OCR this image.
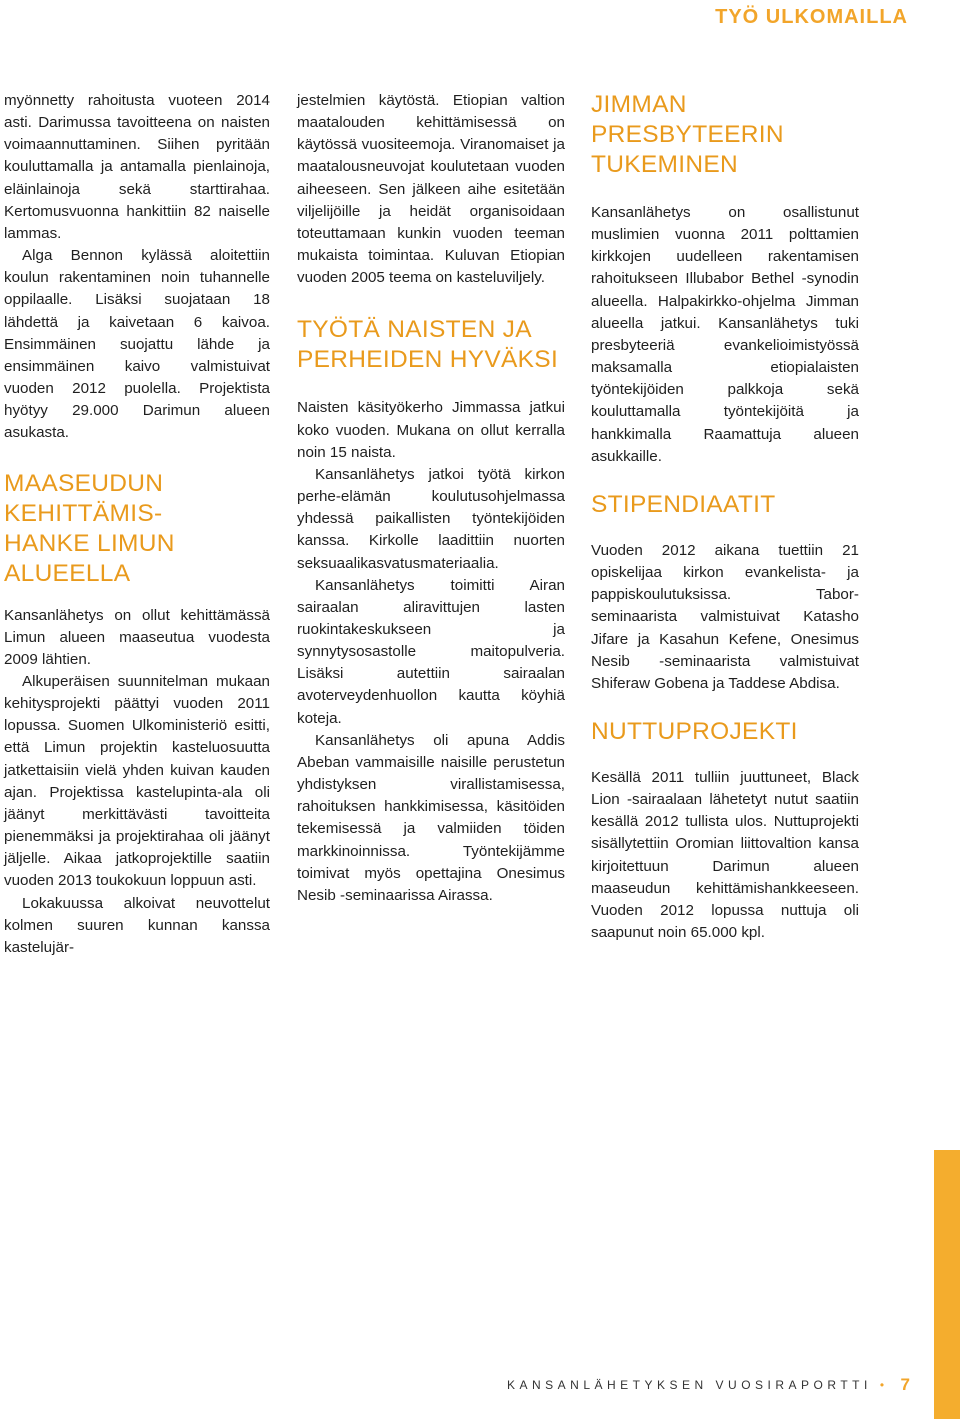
TYÖ ULKOMAILLA

myönnetty rahoitusta vuoteen 2014 asti. Darimussa tavoitteena on naisten voimaannuttaminen. Siihen pyritään kouluttamalla ja antamalla pienlainoja, eläinlainoja sekä starttirahaa. Kertomusvuonna hankittiin 82 naiselle lammas.

Alga Bennon kylässä aloitettiin koulun rakentaminen noin tuhannelle oppilaalle. Lisäksi suojataan 18 lähdettä ja kaivetaan 6 kaivoa. Ensimmäinen suojattu lähde ja ensimmäinen kaivo valmistuivat vuoden 2012 puolella. Projektista hyötyy 29.000 Darimun alueen asukasta.

MAASEUDUN KEHITTÄMIS-
HANKE LIMUN ALUEELLA

Kansanlähetys on ollut kehittämässä Limun alueen maaseutua vuodesta 2009 lähtien.

Alkuperäisen suunnitelman mukaan kehitysprojekti päättyi vuoden 2011 lopussa. Suomen Ulkoministeriö esitti, että Limun projektin kasteluosuutta jatkettaisiin vielä yhden kuivan kauden ajan. Projektissa kastelupinta-ala oli jäänyt merkittävästi tavoitteita pienemmäksi ja projektirahaa oli jäänyt jäljelle. Aikaa jatkoprojektille saatiin vuoden 2013 toukokuun loppuun asti.

Lokakuussa alkoivat neuvottelut kolmen suuren kunnan kanssa kastelujär-

jestelmien käytöstä. Etiopian valtion maatalouden kehittämisessä on käytössä vuositeemoja. Viranomaiset ja maatalousneuvojat koulutetaan vuoden aiheeseen. Sen jälkeen aihe esitetään viljelijöille ja heidät organisoidaan toteuttamaan kunkin vuoden teeman mukaista toimintaa. Kuluvan Etiopian vuoden 2005 teema on kasteluviljely.

TYÖTÄ NAISTEN JA
PERHEIDEN HYVÄKSI

Naisten käsityökerho Jimmassa jatkui koko vuoden. Mukana on ollut kerralla noin 15 naista.

Kansanlähetys jatkoi työtä kirkon perhe-elämän koulutusohjelmassa yhdessä paikallisten työntekijöiden kanssa. Kirkolle laadittiin nuorten seksuaalikasvatusmateriaalia.

Kansanlähetys toimitti Airan sairaalan aliravittujen lasten ruokintakeskukseen ja synnytysosastolle maitopulveria. Lisäksi autettiin sairaalan avoterveydenhuollon kautta köyhiä koteja.

Kansanlähetys oli apuna Addis Abeban vammaisille naisille perustetun yhdistyksen virallistamisessa, rahoituksen hankkimisessa, käsitöiden tekemisessä ja valmiiden töiden markkinoinnissa. Työntekijämme toimivat myös opettajina Onesimus Nesib -seminaarissa Airassa.

JIMMAN PRESBYTEERIN
TUKEMINEN

Kansanlähetys on osallistunut muslimien vuonna 2011 polttamien kirkkojen uudelleen rakentamisen rahoitukseen Illubabor Bethel -synodin alueella. Halpakirkko-ohjelma Jimman alueella jatkui. Kansanlähetys tuki presbyteeriä evankelioimistyössä maksamalla etiopialaisten työntekijöiden palkkoja sekä kouluttamalla työntekijöitä ja hankkimalla Raamattuja alueen asukkaille.

STIPENDIAATIT

Vuoden 2012 aikana tuettiin 21 opiskelijaa kirkon evankelista- ja pappiskoulutuksissa. Tabor-seminaarista valmistuivat Katasho Jifare ja Kasahun Kefene, Onesimus Nesib -seminaarista valmistuivat Shiferaw Gobena ja Taddese Abdisa.

NUTTUPROJEKTI

Kesällä 2011 tulliin juuttuneet, Black Lion -sairaalaan lähetetyt nutut saatiin kesällä 2012 tullista ulos. Nuttuprojekti sisällytettiin Oromian liittovaltion kansa kirjoitettuun Darimun alueen maaseudun kehittämishankkeeseen. Vuoden 2012 lopussa nuttuja oli saapunut noin 65.000 kpl.

KANSANLÄHETYKSEN VUOSIRAPORTTI • 7
